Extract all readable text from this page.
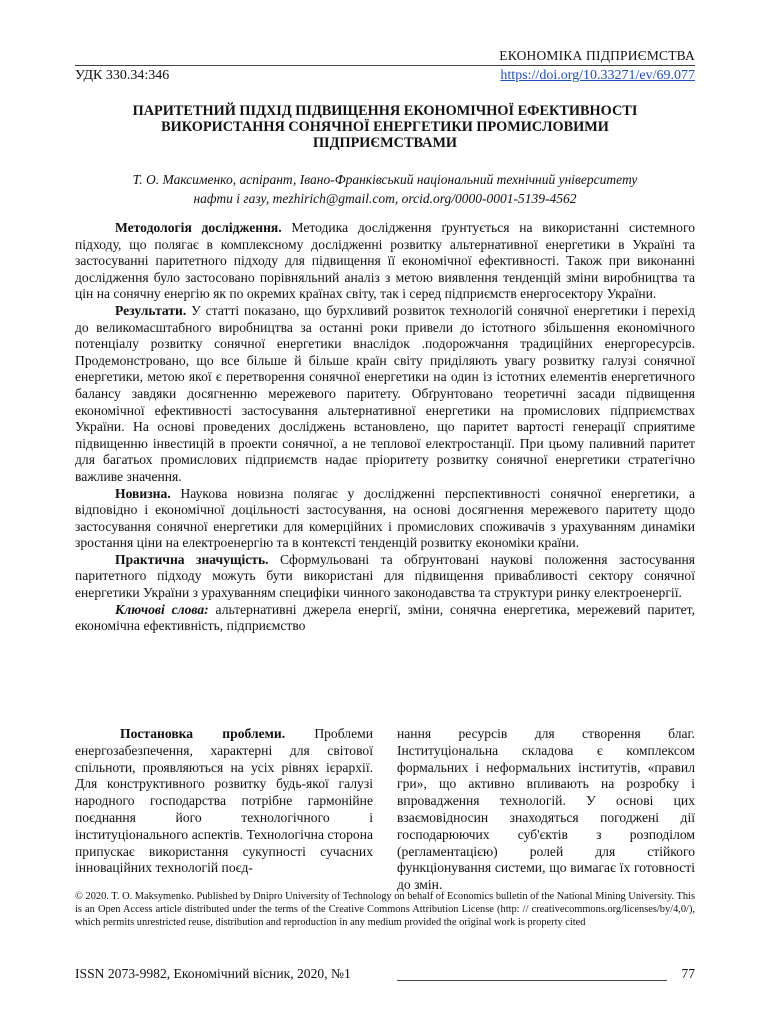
ЕКОНОМІКА ПІДПРИЄМСТВА
УДК 330.34:346	https://doi.org/10.33271/ev/69.077
ПАРИТЕТНИЙ ПІДХІД ПІДВИЩЕННЯ ЕКОНОМІЧНОЇ ЕФЕКТИВНОСТІ
ВИКОРИСТАННЯ СОНЯЧНОЇ ЕНЕРГЕТИКИ ПРОМИСЛОВИМИ
ПІДПРИЄМСТВАМИ
Т. О. Максименко, аспірант, Івано-Франківський національний технічний університету
нафти і газу, mezhirich@gmail.com, orcid.org/0000-0001-5139-4562

Методологія дослідження. Методика дослідження ґрунтується на використанні системного підходу, що полягає в комплексному дослідженні розвитку альтернативної енергетики в Україні та застосуванні паритетного підходу для підвищення її економічної ефективності. Також при виконанні дослідження було застосовано порівняльний аналіз з метою виявлення тенденцій зміни виробництва та цін на сонячну енергію як по окремих країнах світу, так і серед підприємств енергосектору України.

Результати. У статті показано, що бурхливий розвиток технологій сонячної енергетики і перехід до великомасштабного виробництва за останні роки привели до істотного збільшення економічного потенціалу розвитку сонячної енергетики внаслідок .подорожчання традиційних енергоресурсів. Продемонстровано, що все більше й більше країн світу приділяють увагу розвитку галузі сонячної енергетики, метою якої є перетворення сонячної енергетики на один із істотних елементів енергетичного балансу завдяки досягненню мережевого паритету. Обґрунтовано теоретичні засади підвищення економічної ефективності застосування альтернативної енергетики на промислових підприємствах України. На основі проведених досліджень встановлено, що паритет вартості генерації сприятиме підвищенню інвестицій в проекти сонячної, а не теплової електростанції. При цьому паливний паритет для багатьох промислових підприємств надає пріоритету розвитку сонячної енергетики стратегічно важливе значення.

Новизна. Наукова новизна полягає у дослідженні перспективності сонячної енергетики, а відповідно і економічної доцільності застосування, на основі досягнення мережевого паритету щодо застосування сонячної енергетики для комерційних і промислових споживачів з урахуванням динаміки зростання ціни на електроенергію та в контексті тенденцій розвитку економіки країни.

Практична значущість. Сформульовані та обґрунтовані наукові положення застосування паритетного підходу можуть бути використані для підвищення привабливості сектору сонячної енергетики України з урахуванням специфіки чинного законодавства та структури ринку електроенергії.

Ключові слова: альтернативні джерела енергії, зміни, сонячна енергетика, мережевий паритет, економічна ефективність, підприємство

Постановка проблеми. Проблеми енергозабезпечення, характерні для світової спільноти, проявляються на усіх рівнях ієрархії. Для конструктивного розвитку будь-якої галузі народного господарства потрібне гармонійне поєднання його технологічного і інституціонального аспектів. Технологічна сторона припускає використання сукупності сучасних інноваційних технологій поєд-

нання ресурсів для створення благ. Інституціональна складова є комплексом формальних і неформальних інститутів, «правил гри», що активно впливають на розробку і впровадження технологій. У основі цих взаємовідносин знаходяться погоджені дії господарюючих суб'єктів з розподілом (регламентацією) ролей для стійкого функціонування системи, що вимагає їх готовності до змін.

© 2020. T. O. Maksymenko. Published by Dnipro University of Technology on behalf of Economics bulletin of the National Mining University. This is an Open Access article distributed under the terms of the Creative Commons Attribution License (http: // creativecommons.org/licenses/by/4,0/), which permits unrestricted reuse, distribution and reproduction in any medium provided the original work is property cited
ISSN 2073-9982, Економічний вісник, 2020, №1	77
